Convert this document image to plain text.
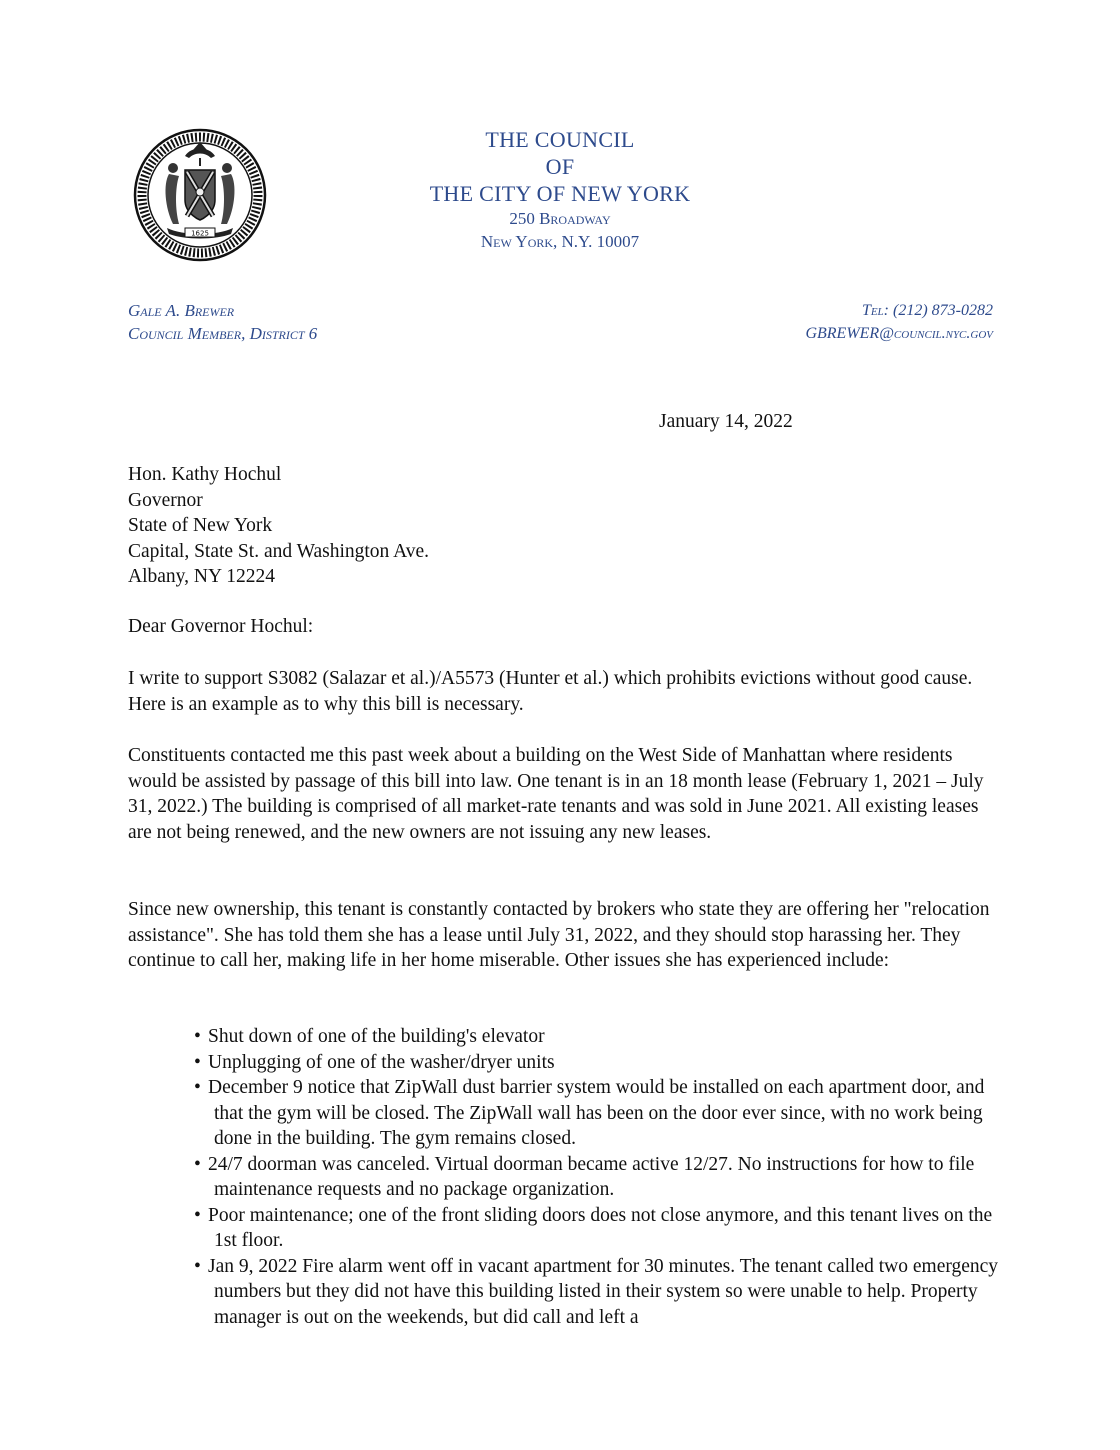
1625
THE COUNCIL
OF
THE CITY OF NEW YORK
250 Broadway
New York, N.Y. 10007
Gale A. Brewer
Council Member, District 6
Tel: (212) 873-0282
GBREWER@council.nyc.gov
January 14, 2022
Hon. Kathy Hochul
Governor
State of New York
Capital, State St. and Washington Ave.
Albany, NY 12224
Dear Governor Hochul:
I write to support S3082 (Salazar et al.)/A5573 (Hunter et al.) which prohibits evictions without good cause. Here is an example as to why this bill is necessary.
Constituents contacted me this past week about a building on the West Side of Manhattan where residents would be assisted by passage of this bill into law. One tenant is in an 18 month lease (February 1, 2021 – July 31, 2022.) The building is comprised of all market-rate tenants and was sold in June 2021. All existing leases are not being renewed, and the new owners are not issuing any new leases.
Since new ownership, this tenant is constantly contacted by brokers who state they are offering her "relocation assistance". She has told them she has a lease until July 31, 2022, and they should stop harassing her. They continue to call her, making life in her home miserable. Other issues she has experienced include:
• Shut down of one of the building's elevator
• Unplugging of one of the washer/dryer units
• December 9 notice that ZipWall dust barrier system would be installed on each apartment door, and that the gym will be closed. The ZipWall wall has been on the door ever since, with no work being done in the building. The gym remains closed.
• 24/7 doorman was canceled. Virtual doorman became active 12/27. No instructions for how to file maintenance requests and no package organization.
• Poor maintenance; one of the front sliding doors does not close anymore, and this tenant lives on the 1st floor.
• Jan 9, 2022 Fire alarm went off in vacant apartment for 30 minutes. The tenant called two emergency numbers but they did not have this building listed in their system so were unable to help. Property manager is out on the weekends, but did call and left a
